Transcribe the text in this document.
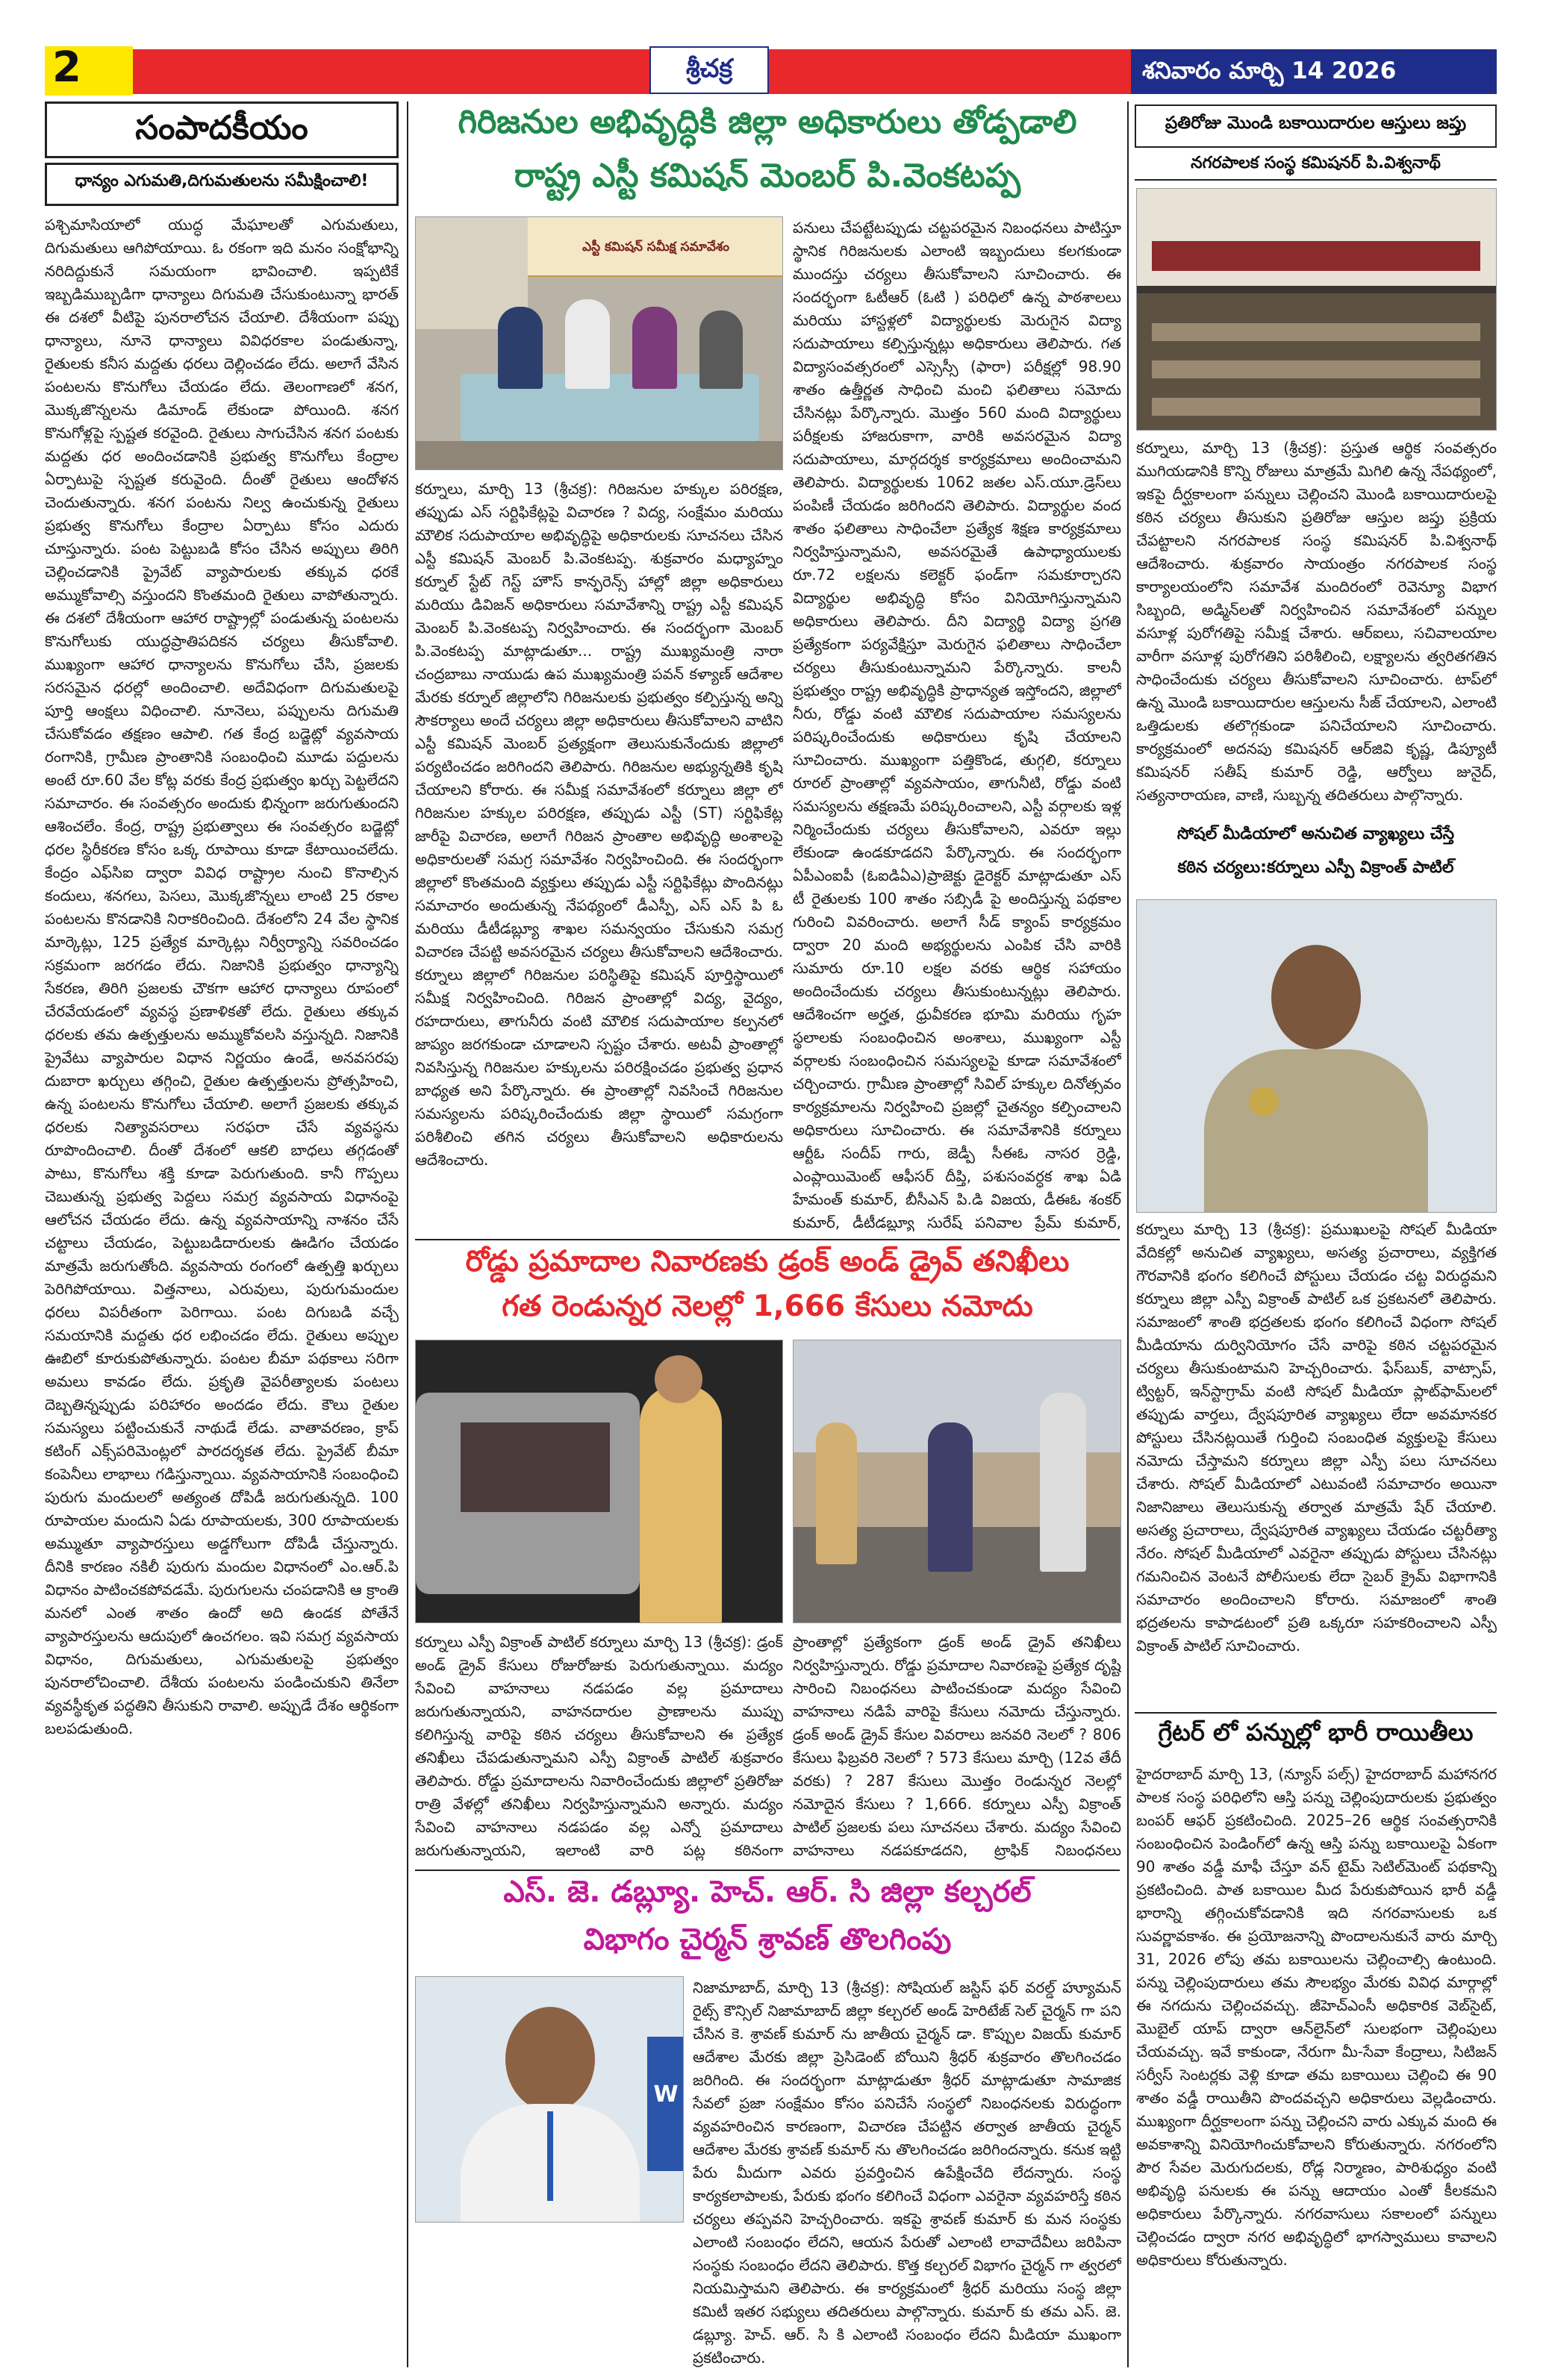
2	శ్రీచక్ర	శనివారం మార్చి 14 2026
సంపాదకీయం
ధాన్యం ఎగుమతి,దిగుమతులను సమీక్షించాలి!
పశ్చిమాసియాలో యుద్ధ మేఘాలతో ఎగుమతులు, దిగుమతులు ఆగిపోయాయి. ఓ రకంగా ఇది మనం సంక్షోభాన్ని నరిదిద్దుకునే సమయంగా భావించాలి. ఇప్పటికే ఇబ్బడిముబ్బడిగా ధాన్యాలు దిగుమతి చేసుకుంటున్నా భారత్ ఈ దశలో వీటిపై పునరాలోచన చేయాలి. దేశీయంగా పప్పు ధాన్యాలు, నూనె ధాన్యాలు వివిధరకాల పండుతున్నా, రైతులకు కనీస మద్దతు ధరలు దెల్లించడం లేదు. అలాగే వేసిన పంటలను కొనుగోలు చేయడం లేదు. తెలంగాణలో శనగ, మొక్కజొన్నలను డిమాండ్ లేకుండా పోయింది. శనగ కొనుగోళ్లపై స్పష్టత కరవైంది. రైతులు సాగుచేసిన శనగ పంటకు మద్దతు ధర అందించడానికి ప్రభుత్వ కొనుగోలు కేంద్రాల ఏర్పాటుపై స్పష్టత కరువైంది. దీంతో రైతులు ఆందోళన చెందుతున్నారు. శనగ పంటను నిల్వ ఉంచుకున్న రైతులు ప్రభుత్వ కొనుగోలు కేంద్రాల ఏర్పాటు కోసం ఎదురు చూస్తున్నారు. పంట పెట్టుబడి కోసం చేసిన అప్పులు తిరిగి చెల్లించడానికి ప్రైవేట్ వ్యాపారులకు తక్కువ ధరకే అమ్ముకోవాల్సి వస్తుందని కొంతమంది రైతులు వాపోతున్నారు. ఈ దశలో దేశీయంగా ఆహార రాష్ట్రాల్లో పండుతున్న పంటలను కొనుగోలుకు యుద్ధప్రాతిపదికన చర్యలు తీసుకోవాలి. ముఖ్యంగా ఆహార ధాన్యాలను కొనుగోలు చేసి, ప్రజలకు సరసమైన ధరల్లో అందించాలి. అదేవిధంగా దిగుమతులపై పూర్తి ఆంక్షలు విధించాలి. నూనెలు, పప్పులను దిగుమతి చేసుకోవడం తక్షణం ఆపాలి. గత కేంద్ర బడ్జెట్లో వ్యవసాయ రంగానికి, గ్రామీణ ప్రాంతానికి సంబంధించి మూడు పద్దులను అంటే రూ.60 వేల కోట్ల వరకు కేంద్ర ప్రభుత్వం ఖర్చు పెట్టలేదని సమాచారం. ఈ సంవత్సరం అందుకు భిన్నంగా జరుగుతుందని ఆశించలేం. కేంద్ర, రాష్ట్ర ప్రభుత్వాలు ఈ సంవత్సరం బడ్జెట్లో ధరల స్థిరీకరణ కోసం ఒక్క రూపాయి కూడా కేటాయించలేదు. కేంద్రం ఎఫ్‌సిఐ ద్వారా వివిధ రాష్ట్రాల నుంచి కొనాల్సిన కందులు, శనగలు, పెసలు, మొక్కజొన్నలు లాంటి 25 రకాల పంటలను కొనడానికి నిరాకరించింది. దేశంలోని 24 వేల స్థానిక మార్కెట్లు, 125 ప్రత్యేక మార్కెట్లు నిర్వీర్యాన్ని సవరించడం సక్రమంగా జరగడం లేదు. నిజానికి ప్రభుత్వం ధాన్యాన్ని సేకరణ, తిరిగి ప్రజలకు చౌకగా ఆహార ధాన్యాలు రూపంలో చేరవేయడంలో వ్యవస్థ ప్రణాళికతో లేదు. రైతులు తక్కువ ధరలకు తమ ఉత్పత్తులను అమ్ముకోవలసి వస్తున్నది. నిజానికి ప్రైవేటు వ్యాపారుల విధాన నిర్ణయం ఉండే, అనవసరపు దుబారా ఖర్చులు తగ్గించి, రైతుల ఉత్పత్తులను ప్రోత్సహించి, ఉన్న పంటలను కొనుగోలు చేయాలి. అలాగే ప్రజలకు తక్కువ ధరలకు నిత్యావసరాలు సరఫరా చేసే వ్యవస్థను రూపొందించాలి. దీంతో దేశంలో ఆకలి బాధలు తగ్గడంతో పాటు, కొనుగోలు శక్తి కూడా పెరుగుతుంది. కానీ గొప్పలు చెబుతున్న ప్రభుత్వ పెద్దలు సమగ్ర వ్యవసాయ విధానంపై ఆలోచన చేయడం లేదు. ఉన్న వ్యవసాయాన్ని నాశనం చేసే చట్టాలు చేయడం, పెట్టుబడిదారులకు ఊడిగం చేయడం మాత్రమే జరుగుతోంది. వ్యవసాయ రంగంలో ఉత్పత్తి ఖర్చులు పెరిగిపోయాయి. విత్తనాలు, ఎరువులు, పురుగుమందుల ధరలు విపరీతంగా పెరిగాయి. పంట దిగుబడి వచ్చే సమయానికి మద్దతు ధర లభించడం లేదు. రైతులు అప్పుల ఊబిలో కూరుకుపోతున్నారు. పంటల బీమా పథకాలు సరిగా అమలు కావడం లేదు. ప్రకృతి వైపరీత్యాలకు పంటలు దెబ్బతిన్నప్పుడు పరిహారం అందడం లేదు. కౌలు రైతుల సమస్యలు పట్టించుకునే నాథుడే లేడు. వాతావరణం, క్రాప్ కటింగ్ ఎక్స్‌పరిమెంట్లలో పారదర్శకత లేదు. ప్రైవేట్ బీమా కంపెనీలు లాభాలు గడిస్తున్నాయి. వ్యవసాయానికి సంబంధించి పురుగు మందులలో అత్యంత దోపిడీ జరుగుతున్నది. 100 రూపాయల మందుని ఏడు రూపాయలకు, 300 రూపాయలకు అమ్ముతూ వ్యాపారస్తులు అడ్డగోలుగా దోపిడీ చేస్తున్నారు. దీనికి కారణం నకిలీ పురుగు మందుల విధానంలో ఎం.ఆర్.పి విధానం పాటించకపోవడమే. పురుగులను చంపడానికి ఆ క్రాంతి మనలో ఎంత శాతం ఉందో అది ఉండక పోతేనే వ్యాపారస్తులను ఆదుపులో ఉంచగలం. ఇవి సమగ్ర వ్యవసాయ విధానం, దిగుమతులు, ఎగుమతులపై ప్రభుత్వం పునరాలోచించాలి. దేశీయ పంటలను పండించుకుని తినేలా వ్యవస్థీకృత పద్ధతిని తీసుకుని రావాలి. అప్పుడే దేశం ఆర్థికంగా బలపడుతుంది.
గిరిజనుల అభివృద్ధికి జిల్లా అధికారులు తోడ్పడాలి
రాష్ట్ర ఎస్టీ కమిషన్ మెంబర్ పి.వెంకటప్ప
ఎస్టీ కమిషన్ సమీక్ష సమావేశం
కర్నూలు, మార్చి 13 (శ్రీచక్ర): గిరిజనుల హక్కుల పరిరక్షణ, తప్పుడు ఎస్ సర్టిఫికేట్లపై విచారణ ? విద్య, సంక్షేమం మరియు మౌలిక సదుపాయాల అభివృద్ధిపై అధికారులకు సూచనలు చేసిన ఎస్టీ కమిషన్ మెంబర్ పి.వెంకటప్ప. శుక్రవారం మధ్యాహ్నం కర్నూల్ స్టేట్ గెస్ట్ హౌస్ కాన్ఫరెన్స్ హాల్లో జిల్లా అధికారులు మరియు డివిజన్ అధికారులు సమావేశాన్ని రాష్ట్ర ఎస్టీ కమిషన్ మెంబర్ పి.వెంకటప్ప నిర్వహించారు. ఈ సందర్భంగా మెంబర్ పి.వెంకటప్ప మాట్లాడుతూ... రాష్ట్ర ముఖ్యమంత్రి నారా చంద్రబాబు నాయుడు ఉప ముఖ్యమంత్రి పవన్ కళ్యాణ్ ఆదేశాల మేరకు కర్నూల్ జిల్లాలోని గిరిజనులకు ప్రభుత్వం కల్పిస్తున్న అన్ని సౌకర్యాలు అందే చర్యలు జిల్లా అధికారులు తీసుకోవాలని వాటిని ఎస్టీ కమిషన్ మెంబర్ ప్రత్యక్షంగా తెలుసుకునేందుకు జిల్లాలో పర్యటించడం జరిగిందని తెలిపారు. గిరిజనుల అభ్యున్నతికి కృషి చేయాలని కోరారు. ఈ సమీక్ష సమావేశంలో కర్నూలు జిల్లా లో గిరిజనుల హక్కుల పరిరక్షణ, తప్పుడు ఎస్టీ (ST) సర్టిఫికేట్ల జారీపై విచారణ, అలాగే గిరిజన ప్రాంతాల అభివృద్ధి అంశాలపై అధికారులతో సమగ్ర సమావేశం నిర్వహించింది. ఈ సందర్భంగా జిల్లాలో కొంతమంది వ్యక్తులు తప్పుడు ఎస్టీ సర్టిఫికేట్లు పొందినట్లు సమాచారం అందుతున్న నేపథ్యంలో డీఎస్పీ, ఎస్ ఎస్ పి ఓ మరియు డీటీడబ్ల్యూ శాఖల సమన్వయం చేసుకుని సమగ్ర విచారణ చేపట్టి అవసరమైన చర్యలు తీసుకోవాలని ఆదేశించారు. కర్నూలు జిల్లాలో గిరిజనుల పరిస్థితిపై కమిషన్ పూర్తిస్థాయిలో సమీక్ష నిర్వహించింది. గిరిజన ప్రాంతాల్లో విద్య, వైద్యం, రహదారులు, తాగునీరు వంటి మౌలిక సదుపాయాల కల్పనలో జాప్యం జరగకుండా చూడాలని స్పష్టం చేశారు. అటవీ ప్రాంతాల్లో నివసిస్తున్న గిరిజనుల హక్కులను పరిరక్షించడం ప్రభుత్వ ప్రధాన బాధ్యత అని పేర్కొన్నారు. ఈ ప్రాంతాల్లో నివసించే గిరిజనుల సమస్యలను పరిష్కరించేందుకు జిల్లా స్థాయిలో సమగ్రంగా పరిశీలించి తగిన చర్యలు తీసుకోవాలని అధికారులను ఆదేశించారు.
పనులు చేపట్టేటప్పుడు చట్టపరమైన నిబంధనలు పాటిస్తూ స్థానిక గిరిజనులకు ఎలాంటి ఇబ్బందులు కలగకుండా ముందస్తు చర్యలు తీసుకోవాలని సూచించారు. ఈ సందర్భంగా ఓటీఆర్‌ (ఓటి ) పరిధిలో ఉన్న పాఠశాలలు మరియు హాస్టళ్లలో విద్యార్థులకు మెరుగైన విద్యా సదుపాయాలు కల్పిస్తున్నట్లు అధికారులు తెలిపారు. గత విద్యాసంవత్సరంలో ఎస్సెస్సీ (ఫారా) పరీక్షల్లో 98.90 శాతం ఉత్తీర్ణత సాధించి మంచి ఫలితాలు సమోదు చేసినట్లు పేర్కొన్నారు. మొత్తం 560 మంది విద్యార్థులు పరీక్షలకు హాజరుకాగా, వారికి అవసరమైన విద్యా సదుపాయాలు, మార్గదర్శక కార్యక్రమాలు అందించామని తెలిపారు. విద్యార్థులకు 1062 జతల ఎస్.యూ.డ్రెస్‌లు పంపిణీ చేయడం జరిగిందని తెలిపారు. విద్యార్థుల వంద శాతం ఫలితాలు సాధించేలా ప్రత్యేక శిక్షణ కార్యక్రమాలు నిర్వహిస్తున్నామని, అవసరమైతే ఉపాధ్యాయులకు రూ.72 లక్షలను కలెక్టర్ ఫండ్‌గా సమకూర్చారని విద్యార్థుల అభివృద్ధి కోసం వినియోగిస్తున్నామని అధికారులు తెలిపారు. దీని విద్యార్థి విద్యా ప్రగతి ప్రత్యేకంగా పర్యవేక్షిస్తూ మెరుగైన ఫలితాలు సాధించేలా చర్యలు తీసుకుంటున్నామని పేర్కొన్నారు. కాలనీ ప్రభుత్వం రాష్ట్ర అభివృద్ధికి ప్రాధాన్యత ఇస్తోందని, జిల్లాలో నీరు, రోడ్డు వంటి మౌలిక సదుపాయాల సమస్యలను పరిష్కరించేందుకు అధికారులు కృషి చేయాలని సూచించారు. ముఖ్యంగా పత్తికొండ, తుగ్గలి, కర్నూలు రూరల్ ప్రాంతాల్లో వ్యవసాయం, తాగునీటి, రోడ్డు వంటి సమస్యలను తక్షణమే పరిష్కరించాలని, ఎస్టీ వర్గాలకు ఇళ్ల నిర్మించేందుకు చర్యలు తీసుకోవాలని, ఎవరూ ఇల్లు లేకుండా ఉండకూడదని పేర్కొన్నారు. ఈ సందర్భంగా ఏపీఎంఐపీ (ఓఐడిఏఎ)ప్రాజెక్టు డైరెక్టర్ మాట్లాడుతూ ఎస్ టీ రైతులకు 100 శాతం సబ్సిడీ పై అందిస్తున్న పథకాల గురించి వివరించారు. అలాగే సీడ్ క్యాంప్ కార్యక్రమం ద్వారా 20 మంది అభ్యర్థులను ఎంపిక చేసి వారికి సుమారు రూ.10 లక్షల వరకు ఆర్థిక సహాయం అందించేందుకు చర్యలు తీసుకుంటున్నట్లు తెలిపారు. ఆదేశించగా అర్హత, ధ్రువీకరణ భూమి మరియు గృహ స్థలాలకు సంబంధించిన అంశాలు, ముఖ్యంగా ఎస్టీ వర్గాలకు సంబంధించిన సమస్యలపై కూడా సమావేశంలో చర్చించారు. గ్రామీణ ప్రాంతాల్లో సివిల్ హక్కుల దినోత్సవం కార్యక్రమాలను నిర్వహించి ప్రజల్లో చైతన్యం కల్పించాలని అధికారులు సూచించారు. ఈ సమావేశానికి కర్నూలు ఆర్టీఓ సందీప్ గారు, జెడ్పీ సీఈఓ నాసర ర్రెడ్డి, ఎంప్లాయిమెంట్ ఆఫీసర్ దీప్తి, పశుసంవర్ధక శాఖ ఏడి హేమంత్ కుమార్, బీసీఎన్ పి.డి విజయ, డీఈఓ శంకర్ కుమార్, డీటీడబ్ల్యూ సురేష్ పనివాల ప్రేమ్ కుమార్,
రోడ్డు ప్రమాదాల నివారణకు డ్రంక్ అండ్ డ్రైవ్ తనిఖీలు
గత రెండున్నర నెలల్లో 1,666 కేసులు నమోదు
కర్నూలు ఎస్పీ విక్రాంత్ పాటిల్ కర్నూలు మార్చి 13 (శ్రీచక్ర): డ్రంక్ అండ్ డ్రైవ్ కేసులు రోజురోజుకు పెరుగుతున్నాయి. మద్యం సేవించి వాహనాలు నడపడం వల్ల ప్రమాదాలు జరుగుతున్నాయని, వాహనదారుల ప్రాణాలను ముప్పు కలిగిస్తున్న వారిపై కఠిన చర్యలు తీసుకోవాలని ఈ ప్రత్యేక తనిఖీలు చేపడుతున్నామని ఎస్పీ విక్రాంత్ పాటిల్ శుక్రవారం తెలిపారు. రోడ్డు ప్రమాదాలను నివారించేందుకు జిల్లాలో ప్రతిరోజు రాత్రి వేళల్లో తనిఖీలు నిర్వహిస్తున్నామని అన్నారు. మద్యం సేవించి వాహనాలు నడపడం వల్ల ఎన్నో ప్రమాదాలు జరుగుతున్నాయని, ఇలాంటి వారి పట్ల కఠినంగా
ప్రాంతాల్లో ప్రత్యేకంగా డ్రంక్ అండ్ డ్రైవ్ తనిఖీలు నిర్వహిస్తున్నారు. రోడ్డు ప్రమాదాల నివారణపై ప్రత్యేక దృష్టి సారించి నిబంధనలు పాటించకుండా మద్యం సేవించి వాహనాలు నడిపే వారిపై కేసులు నమోదు చేస్తున్నారు. డ్రంక్ అండ్ డ్రైవ్ కేసుల వివరాలు జనవరి నెలలో ? 806 కేసులు ఫిబ్రవరి నెలలో ? 573 కేసులు మార్చి (12వ తేదీ వరకు) ? 287 కేసులు మొత్తం రెండున్నర నెలల్లో నమోదైన కేసులు ? 1,666. కర్నూలు ఎస్పీ విక్రాంత్ పాటిల్ ప్రజలకు పలు సూచనలు చేశారు. మద్యం సేవించి వాహనాలు నడపకూడదని, ట్రాఫిక్ నిబంధనలు
ఎస్. జె. డబ్ల్యూ. హెచ్. ఆర్. సి జిల్లా కల్చరల్
విభాగం చైర్మన్ శ్రావణ్ తొలగింపు
W
నిజామాబాద్, మార్చి 13 (శ్రీచక్ర): సోషియల్ జస్టిస్ ఫర్ వరల్డ్ హ్యూమన్ రైట్స్ కౌన్సిల్ నిజామాబాద్ జిల్లా కల్చరల్ అండ్ హెరిటేజ్ సెల్ చైర్మన్ గా పని చేసిన కె. శ్రావణ్ కుమార్ ను జాతీయ చైర్మన్ డా. కొప్పుల విజయ్ కుమార్ ఆదేశాల మేరకు జిల్లా ప్రెసిడెంట్ బోయిని శ్రీధర్ శుక్రవారం తొలగించడం జరిగింది. ఈ సందర్భంగా మాట్లాడుతూ శ్రీధర్ మాట్లాడుతూ సామాజిక సేవలో ప్రజా సంక్షేమం కోసం పనిచేసే సంస్థలో నిబంధనలకు విరుద్ధంగా వ్యవహరించిన కారణంగా, విచారణ చేపట్టిన తర్వాత జాతీయ చైర్మన్ ఆదేశాల మేరకు శ్రావణ్ కుమార్ ను తొలగించడం జరిగిందన్నారు. కనుక ఇట్టి పేరు మీదుగా ఎవరు ప్రవర్తించిన ఉపేక్షించేది లేదన్నారు. సంస్థ కార్యకలాపాలకు, పేరుకు భంగం కలిగించే విధంగా ఎవరైనా వ్యవహరిస్తే కఠిన చర్యలు తప్పవని హెచ్చరించారు. ఇకపై శ్రావణ్ కుమార్ కు మన సంస్థకు ఎలాంటి సంబంధం లేదని, ఆయన పేరుతో ఎలాంటి లావాదేవీలు జరిపినా సంస్థకు సంబంధం లేదని తెలిపారు. కొత్త కల్చరల్ విభాగం చైర్మన్ గా త్వరలో నియమిస్తామని తెలిపారు. ఈ కార్యక్రమంలో శ్రీధర్ మరియు సంస్థ జిల్లా కమిటీ ఇతర సభ్యులు తదితరులు పాల్గొన్నారు. కుమార్ కు తమ ఎస్. జె. డబ్ల్యూ. హెచ్. ఆర్. సి కి ఎలాంటి సంబంధం లేదని మీడియా ముఖంగా ప్రకటించారు.
ప్రతిరోజు మొండి బకాయిదారుల ఆస్తులు జప్తు
నగరపాలక సంస్థ కమిషనర్ పి.విశ్వనాథ్
కర్నూలు, మార్చి 13 (శ్రీచక్ర): ప్రస్తుత ఆర్థిక సంవత్సరం ముగియడానికి కొన్ని రోజులు మాత్రమే మిగిలి ఉన్న నేపథ్యంలో, ఇకపై దీర్ఘకాలంగా పన్నులు చెల్లించని మొండి బకాయిదారులపై కఠిన చర్యలు తీసుకుని ప్రతిరోజు ఆస్తుల జప్తు ప్రక్రియ చేపట్టాలని నగరపాలక సంస్థ కమిషనర్ పి.విశ్వనాథ్ ఆదేశించారు. శుక్రవారం సాయంత్రం నగరపాలక సంస్థ కార్యాలయంలోని సమావేశ మందిరంలో రెవెన్యూ విభాగ సిబ్బంది, అడ్మిన్‌లతో నిర్వహించిన సమావేశంలో పన్నుల వసూళ్ల పురోగతిపై సమీక్ష చేశారు. ఆర్‌ఐలు, సచివాలయాల వారీగా వసూళ్ల పురోగతిని పరిశీలించి, లక్ష్యాలను త్వరితగతిన సాధించేందుకు చర్యలు తీసుకోవాలని సూచించారు. టాప్‌లో ఉన్న మొండి బకాయిదారుల ఆస్తులను సీజ్ చేయాలని, ఎలాంటి ఒత్తిడులకు తలొగ్గకుండా పనిచేయాలని సూచించారు. కార్యక్రమంలో అదనపు కమిషనర్ ఆర్‌జివి కృష్ణ, డిప్యూటీ కమిషనర్ సతీష్ కుమార్ రెడ్డి, ఆర్వోలు జునైద్, సత్యనారాయణ, వాణి, సుబ్బన్న తదితరులు పాల్గొన్నారు.
సోషల్ మీడియాలో అనుచిత వ్యాఖ్యలు చేస్తే
కఠిన చర్యలు:కర్నూలు ఎస్పీ విక్రాంత్ పాటిల్
కర్నూలు మార్చి 13 (శ్రీచక్ర): ప్రముఖులపై సోషల్ మీడియా వేదికల్లో అనుచిత వ్యాఖ్యలు, అసత్య ప్రచారాలు, వ్యక్తిగత గౌరవానికి భంగం కలిగించే పోస్టులు చేయడం చట్ట విరుద్ధమని కర్నూలు జిల్లా ఎస్పీ విక్రాంత్ పాటిల్ ఒక ప్రకటనలో తెలిపారు. సమాజంలో శాంతి భద్రతలకు భంగం కలిగించే విధంగా సోషల్ మీడియాను దుర్వినియోగం చేసే వారిపై కఠిన చట్టపరమైన చర్యలు తీసుకుంటామని హెచ్చరించారు. ఫేస్‌బుక్, వాట్సాప్, ట్విట్టర్, ఇన్‌స్టాగ్రామ్ వంటి సోషల్ మీడియా ప్లాట్‌ఫామ్‌లలో తప్పుడు వార్తలు, ద్వేషపూరిత వ్యాఖ్యలు లేదా అవమానకర పోస్టులు చేసినట్లయితే గుర్తించి సంబంధిత వ్యక్తులపై కేసులు నమోదు చేస్తామని కర్నూలు జిల్లా ఎస్పీ పలు సూచనలు చేశారు. సోషల్ మీడియాలో ఎటువంటి సమాచారం అయినా నిజానిజాలు తెలుసుకున్న తర్వాత మాత్రమే షేర్ చేయాలి. అసత్య ప్రచారాలు, ద్వేషపూరిత వ్యాఖ్యలు చేయడం చట్టరీత్యా నేరం. సోషల్ మీడియాలో ఎవరైనా తప్పుడు పోస్టులు చేసినట్లు గమనించిన వెంటనే పోలీసులకు లేదా సైబర్ క్రైమ్ విభాగానికి సమాచారం అందించాలని కోరారు. సమాజంలో శాంతి భద్రతలను కాపాడటంలో ప్రతి ఒక్కరూ సహకరించాలని ఎస్పీ విక్రాంత్ పాటిల్ సూచించారు.
గ్రేటర్ లో పన్నుల్లో భారీ రాయితీలు
హైదరాబాద్ మార్చి 13, (న్యూస్ పల్స్) హైదరాబాద్ మహానగర పాలక సంస్థ పరిధిలోని ఆస్తి పన్ను చెల్లింపుదారులకు ప్రభుత్వం బంపర్ ఆఫర్ ప్రకటించింది. 2025–26 ఆర్థిక సంవత్సరానికి సంబంధించిన పెండింగ్‌లో ఉన్న ఆస్తి పన్ను బకాయిలపై ఏకంగా 90 శాతం వడ్డీ మాఫీ చేస్తూ వన్ టైమ్ సెటిల్‌మెంట్ పథకాన్ని ప్రకటించింది. పాత బకాయిల మీద పేరుకుపోయిన భారీ వడ్డీ భారాన్ని తగ్గించుకోవడానికి ఇది నగరవాసులకు ఒక సువర్ణావకాశం. ఈ ప్రయోజనాన్ని పొందాలనుకునే వారు మార్చి 31, 2026 లోపు తమ బకాయిలను చెల్లించాల్సి ఉంటుంది. పన్ను చెల్లింపుదారులు తమ సౌలభ్యం మేరకు వివిధ మార్గాల్లో ఈ నగదును చెల్లించవచ్చు. జీహెచ్‌ఎంసీ అధికారిక వెబ్‌సైట్, మొబైల్ యాప్ ద్వారా ఆన్‌లైన్‌లో సులభంగా చెల్లింపులు చేయవచ్చు. ఇవే కాకుండా, నేరుగా మీ-సేవా కేంద్రాలు, సిటిజన్ సర్వీస్ సెంటర్లకు వెళ్లి కూడా తమ బకాయిలు చెల్లించి ఈ 90 శాతం వడ్డీ రాయితీని పొందవచ్చని అధికారులు వెల్లడించారు. ముఖ్యంగా దీర్ఘకాలంగా పన్ను చెల్లించని వారు ఎక్కువ మంది ఈ అవకాశాన్ని వినియోగించుకోవాలని కోరుతున్నారు. నగరంలోని పౌర సేవల మెరుగుదలకు, రోడ్ల నిర్మాణం, పారిశుధ్యం వంటి అభివృద్ధి పనులకు ఈ పన్ను ఆదాయం ఎంతో కీలకమని అధికారులు పేర్కొన్నారు. నగరవాసులు సకాలంలో పన్నులు చెల్లించడం ద్వారా నగర అభివృద్ధిలో భాగస్వాములు కావాలని అధికారులు కోరుతున్నారు.
